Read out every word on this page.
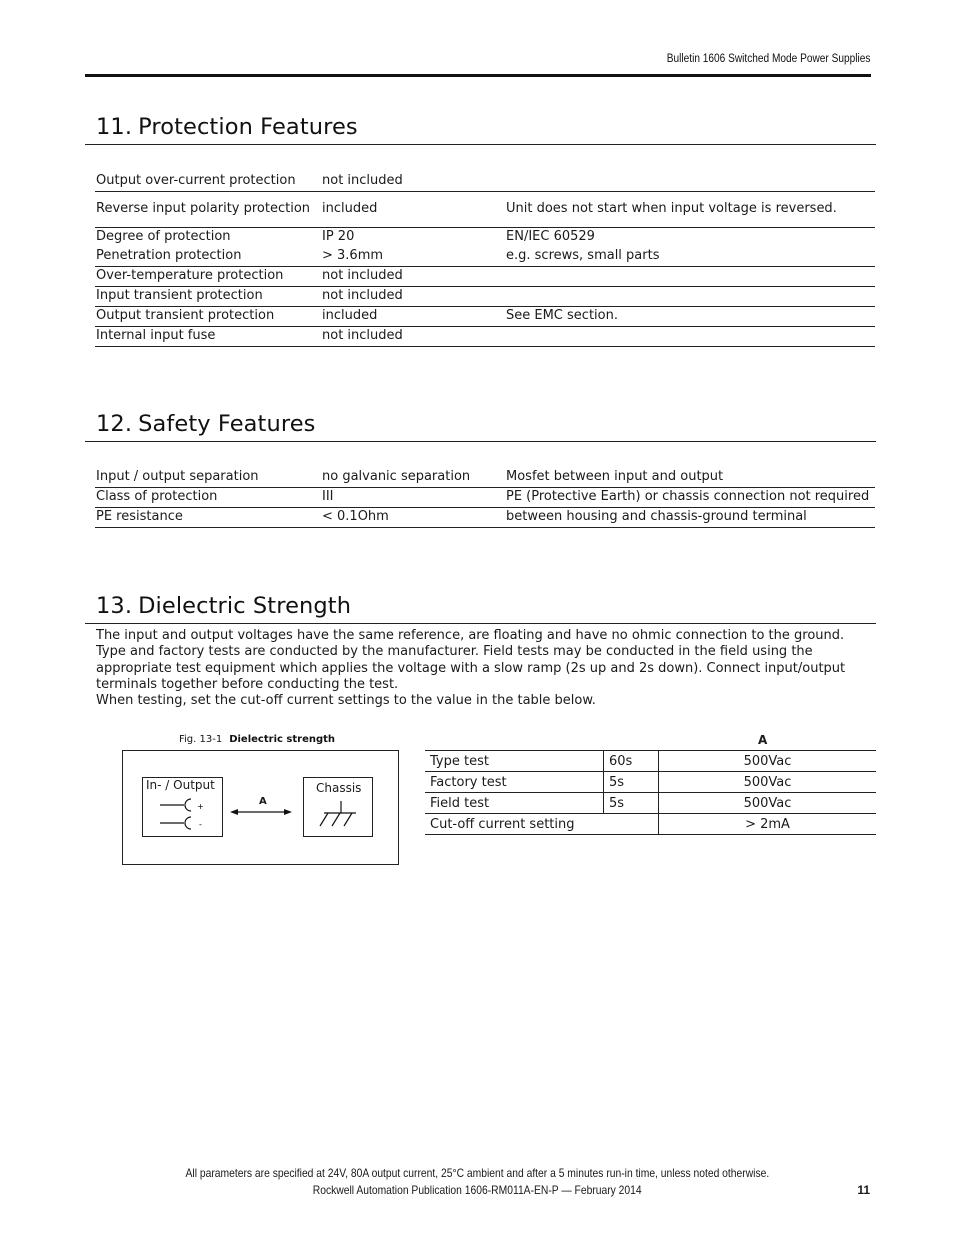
Bulletin 1606 Switched Mode Power Supplies
11. Protection Features
Output over-current protection	not included	
Reverse input polarity protection	included	Unit does not start when input voltage is reversed.
Degree of protection	IP 20	EN/IEC 60529
Penetration protection	> 3.6mm	e.g. screws, small parts
Over-temperature protection	not included	
Input transient protection	not included	
Output transient protection	included	See EMC section.
Internal input fuse	not included	
12. Safety Features
Input / output separation	no galvanic separation	Mosfet between input and output
Class of protection	III	PE (Protective Earth) or chassis connection not required
PE resistance	< 0.1Ohm	between housing and chassis-ground terminal
13. Dielectric Strength

The input and output voltages have the same reference, are floating and have no ohmic connection to the ground. Type and factory tests are conducted by the manufacturer. Field tests may be conducted in the field using the appropriate test equipment which applies the voltage with a slow ramp (2s up and 2s down). Connect input/output terminals together before conducting the test.

When testing, set the cut-off current settings to the value in the table below.

Fig. 13-1 Dielectric strength
In- / Output	Chassis
A
+
-
A
Type test	60s	500Vac
Factory test	5s	500Vac
Field test	5s	500Vac
Cut-off current setting		> 2mA
All parameters are specified at 24V, 80A output current, 25°C ambient and after a 5 minutes run-in time, unless noted otherwise.
Rockwell Automation Publication 1606-RM011A-EN-P — February 2014	11
